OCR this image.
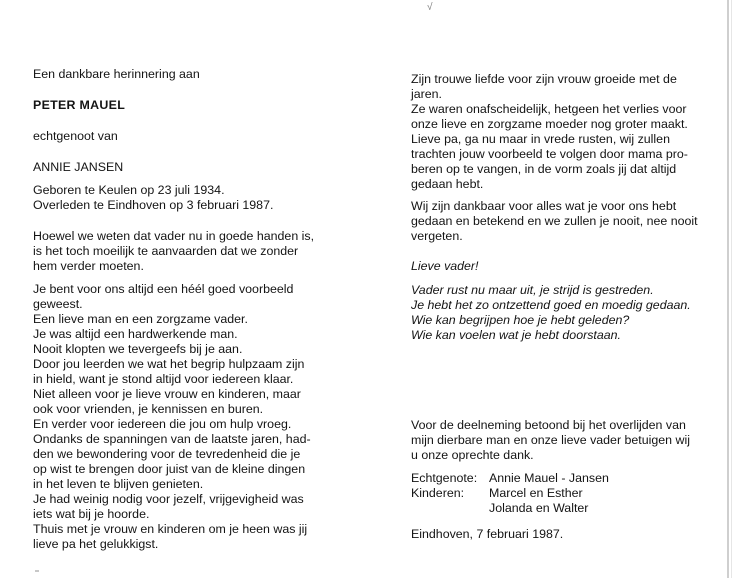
√
Een dankbare herinnering aan
PETER MAUEL
echtgenoot van
ANNIE JANSEN
Geboren te Keulen op 23 juli 1934.
Overleden te Eindhoven op 3 februari 1987.
Hoewel we weten dat vader nu in goede handen is,
is het toch moeilijk te aanvaarden dat we zonder
hem verder moeten.
Je bent voor ons altijd een héél goed voorbeeld
geweest.
Een lieve man en een zorgzame vader.
Je was altijd een hardwerkende man.
Nooit klopten we tevergeefs bij je aan.
Door jou leerden we wat het begrip hulpzaam zijn
in hield, want je stond altijd voor iedereen klaar.
Niet alleen voor je lieve vrouw en kinderen, maar
ook voor vrienden, je kennissen en buren.
En verder voor iedereen die jou om hulp vroeg.
Ondanks de spanningen van de laatste jaren, had-
den we bewondering voor de tevredenheid die je
op wist te brengen door juist van de kleine dingen
in het leven te blijven genieten.
Je had weinig nodig voor jezelf, vrijgevigheid was
iets wat bij je hoorde.
Thuis met je vrouw en kinderen om je heen was jij
lieve pa het gelukkigst.
Zijn trouwe liefde voor zijn vrouw groeide met de
jaren.
Ze waren onafscheidelijk, hetgeen het verlies voor
onze lieve en zorgzame moeder nog groter maakt.
Lieve pa, ga nu maar in vrede rusten, wij zullen
trachten jouw voorbeeld te volgen door mama pro-
beren op te vangen, in de vorm zoals jij dat altijd
gedaan hebt.
Wij zijn dankbaar voor alles wat je voor ons hebt
gedaan en betekend en we zullen je nooit, nee nooit
vergeten.
Lieve vader!
Vader rust nu maar uit, je strijd is gestreden.
Je hebt het zo ontzettend goed en moedig gedaan.
Wie kan begrijpen hoe je hebt geleden?
Wie kan voelen wat je hebt doorstaan.
Voor de deelneming betoond bij het overlijden van
mijn dierbare man en onze lieve vader betuigen wij
u onze oprechte dank.
Echtgenote: Annie Mauel - Jansen
Kinderen: Marcel en Esther
Jolanda en Walter
Eindhoven, 7 februari 1987.
